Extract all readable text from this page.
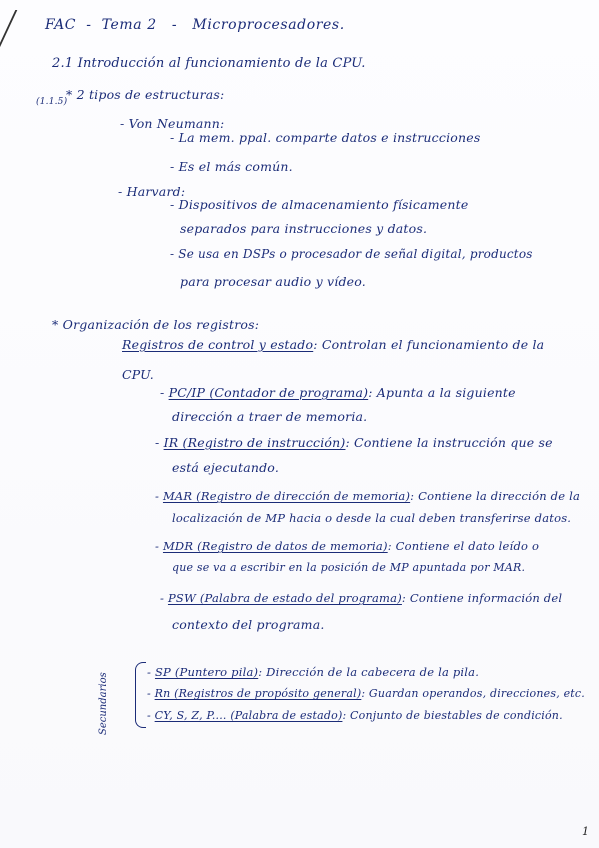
FAC  -  Tema 2   -   Microprocesadores.
2.1 Introducción al funcionamiento de la CPU.
(1.1.5)
* 2 tipos de estructuras:
- Von Neumann:
- La mem. ppal. comparte datos e instrucciones
- Es el más común.
- Harvard:
- Dispositivos de almacenamiento físicamente
separados para instrucciones y datos.
- Se usa en DSPs o procesador de señal digital, productos
para procesar audio y vídeo.
* Organización de los registros:
Registros de control y estado: Controlan el funcionamiento de la
CPU.
- PC/IP (Contador de programa): Apunta a la siguiente
dirección a traer de memoria.
- IR (Registro de instrucción): Contiene la instrucción que se
está ejecutando.
- MAR (Registro de dirección de memoria): Contiene la dirección de la
localización de MP hacia o desde la cual deben transferirse datos.
- MDR (Registro de datos de memoria): Contiene el dato leído o
que se va a escribir en la posición de MP apuntada por MAR.
- PSW (Palabra de estado del programa): Contiene información del
contexto del programa.
Secundarios
- SP (Puntero pila): Dirección de la cabecera de la pila.
- Rn (Registros de propósito general): Guardan operandos, direcciones, etc.
- CY, S, Z, P.... (Palabra de estado): Conjunto de biestables de condición.
1
